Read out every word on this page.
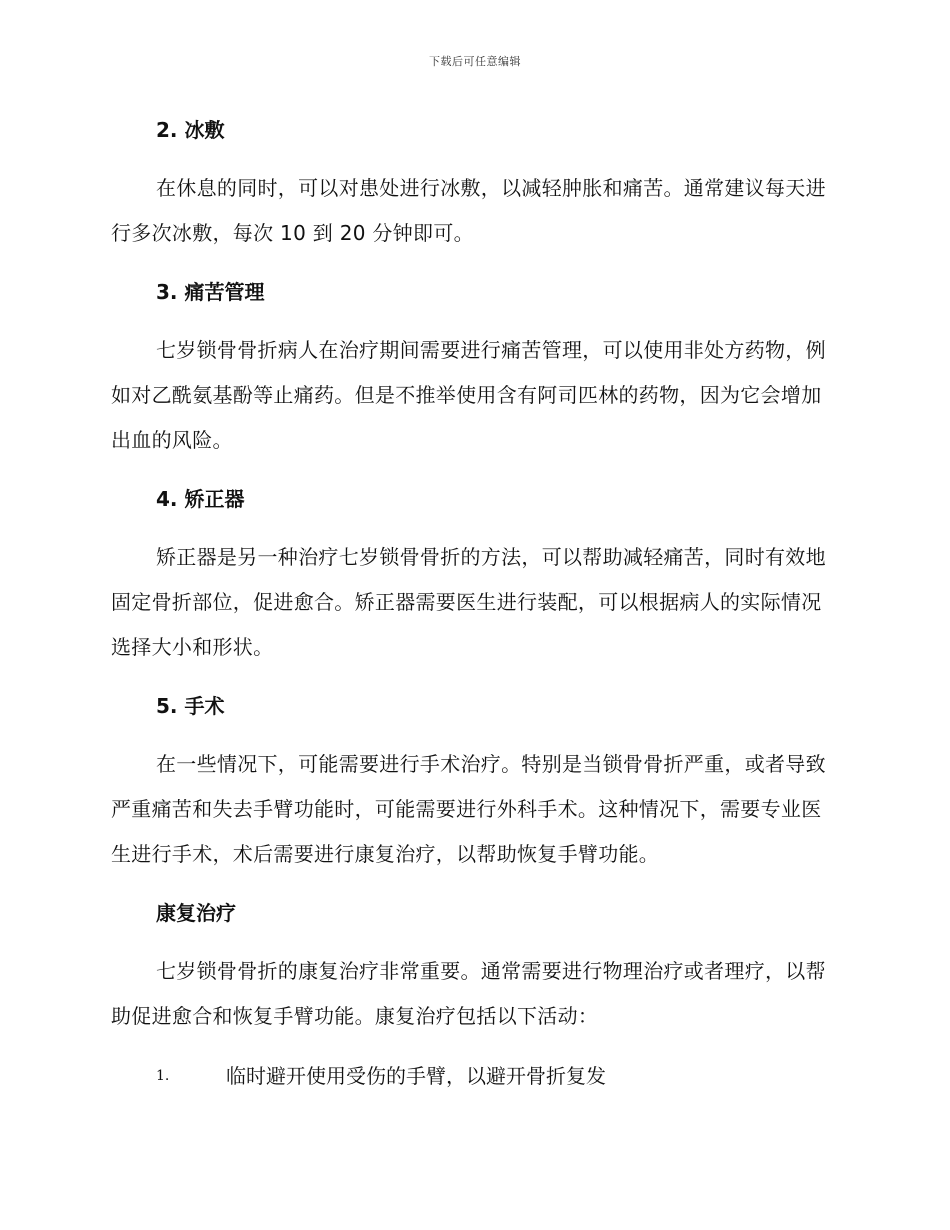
下载后可任意编辑
2. 冰敷

在休息的同时，可以对患处进行冰敷，以减轻肿胀和痛苦。通常建议每天进行多次冰敷，每次 10 到 20 分钟即可。

3. 痛苦管理

七岁锁骨骨折病人在治疗期间需要进行痛苦管理，可以使用非处方药物，例如对乙酰氨基酚等止痛药。但是不推举使用含有阿司匹林的药物，因为它会增加出血的风险。

4. 矫正器

矫正器是另一种治疗七岁锁骨骨折的方法，可以帮助减轻痛苦，同时有效地固定骨折部位，促进愈合。矫正器需要医生进行装配，可以根据病人的实际情况选择大小和形状。

5. 手术

在一些情况下，可能需要进行手术治疗。特别是当锁骨骨折严重，或者导致严重痛苦和失去手臂功能时，可能需要进行外科手术。这种情况下，需要专业医生进行手术，术后需要进行康复治疗，以帮助恢复手臂功能。

康复治疗

七岁锁骨骨折的康复治疗非常重要。通常需要进行物理治疗或者理疗，以帮助促进愈合和恢复手臂功能。康复治疗包括以下活动：

1.	临时避开使用受伤的手臂，以避开骨折复发
